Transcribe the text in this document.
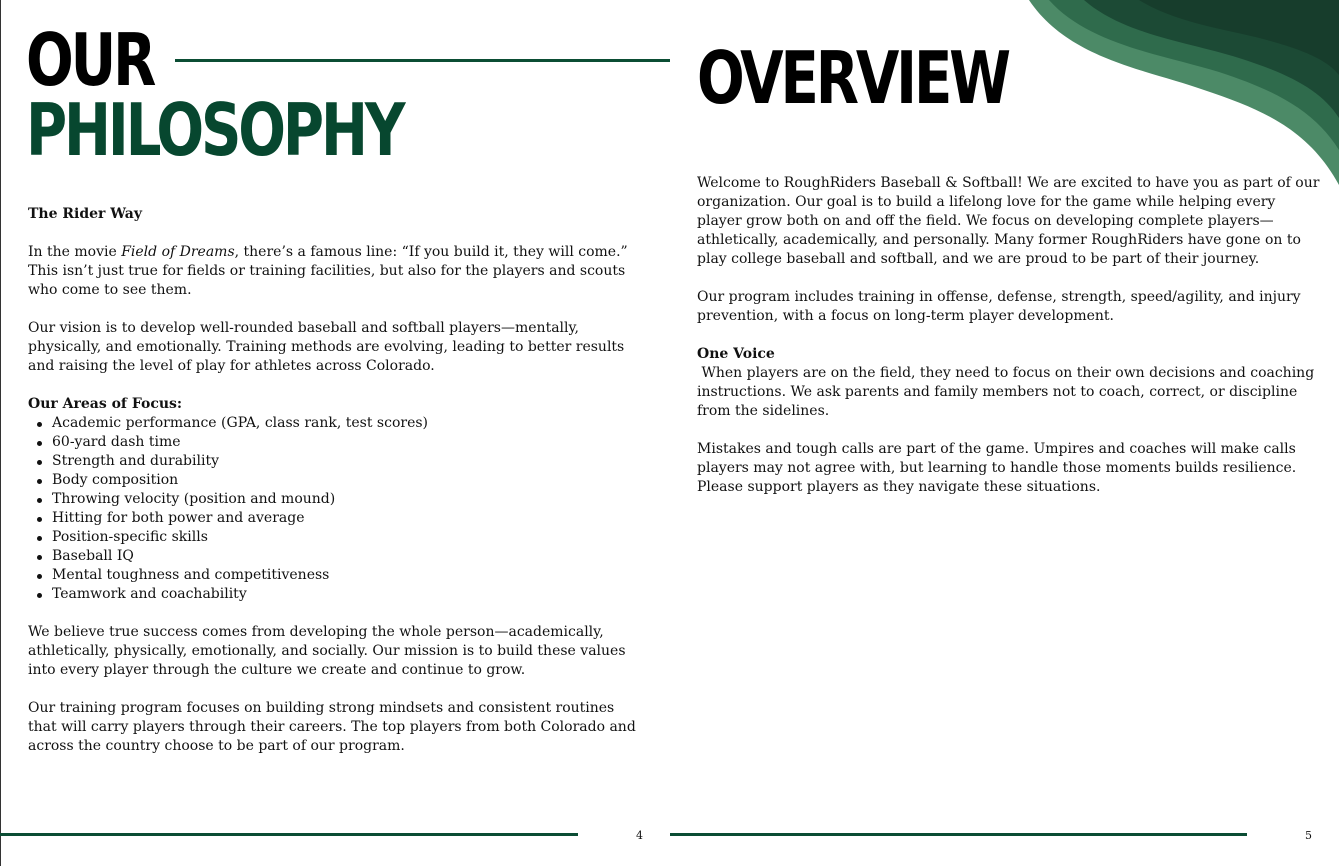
OUR
PHILOSOPHY

The Rider Way

In the movie Field of Dreams, there’s a famous line: “If you build it, they will come.” This isn’t just true for fields or training facilities, but also for the players and scouts who come to see them.

Our vision is to develop well-rounded baseball and softball players—mentally, physically, and emotionally. Training methods are evolving, leading to better results and raising the level of play for athletes across Colorado.

Our Areas of Focus:

Academic performance (GPA, class rank, test scores)
60-yard dash time
Strength and durability
Body composition
Throwing velocity (position and mound)
Hitting for both power and average
Position-specific skills
Baseball IQ
Mental toughness and competitiveness
Teamwork and coachability

We believe true success comes from developing the whole person—academically, athletically, physically, emotionally, and socially. Our mission is to build these values into every player through the culture we create and continue to grow.

Our training program focuses on building strong mindsets and consistent routines that will carry players through their careers. The top players from both Colorado and across the country choose to be part of our program.

4
OVERVIEW

Welcome to RoughRiders Baseball & Softball! We are excited to have you as part of our organization. Our goal is to build a lifelong love for the game while helping every player grow both on and off the field. We focus on developing complete players—athletically, academically, and personally. Many former RoughRiders have gone on to play college baseball and softball, and we are proud to be part of their journey.

Our program includes training in offense, defense, strength, speed/agility, and injury prevention, with a focus on long-term player development.

One Voice

When players are on the field, they need to focus on their own decisions and coaching instructions. We ask parents and family members not to coach, correct, or discipline from the sidelines.

Mistakes and tough calls are part of the game. Umpires and coaches will make calls players may not agree with, but learning to handle those moments builds resilience. Please support players as they navigate these situations.

5
